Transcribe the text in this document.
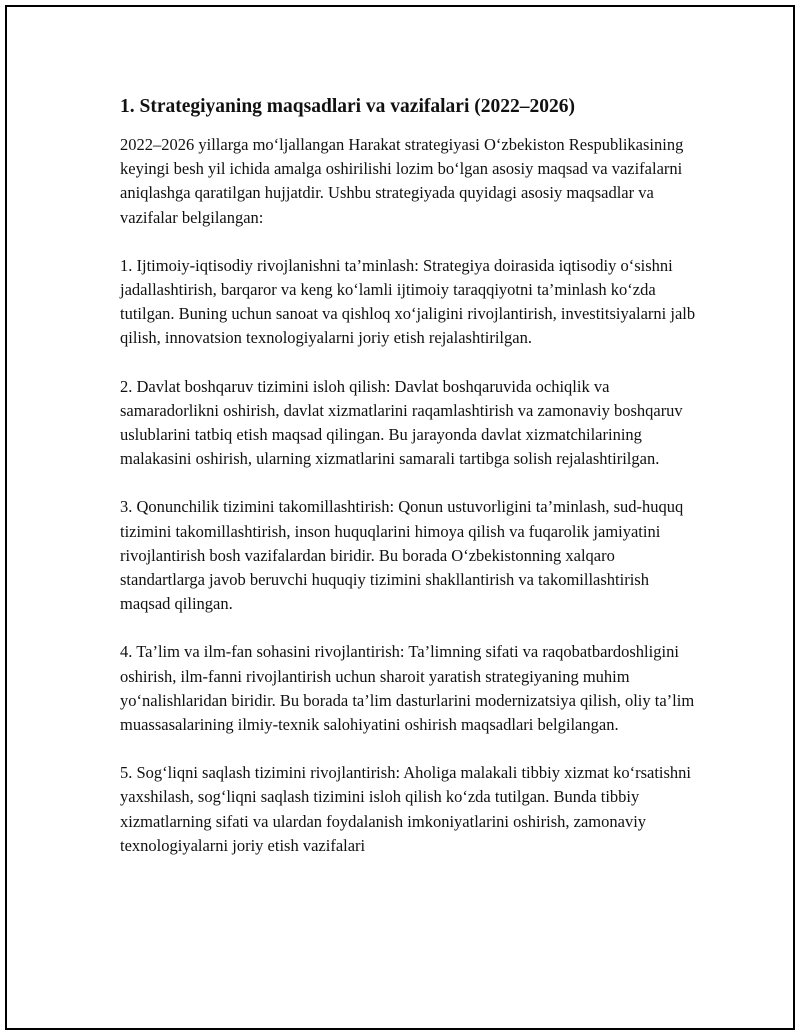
1. Strategiyaning maqsadlari va vazifalari (2022–2026)

2022–2026 yillarga mo‘ljallangan Harakat strategiyasi O‘zbekiston Respublikasining keyingi besh yil ichida amalga oshirilishi lozim bo‘lgan asosiy maqsad va vazifalarni aniqlashga qaratilgan hujjatdir. Ushbu strategiyada quyidagi asosiy maqsadlar va vazifalar belgilangan:

1. Ijtimoiy-iqtisodiy rivojlanishni ta’minlash: Strategiya doirasida iqtisodiy o‘sishni jadallashtirish, barqaror va keng ko‘lamli ijtimoiy taraqqiyotni ta’minlash ko‘zda tutilgan. Buning uchun sanoat va qishloq xo‘jaligini rivojlantirish, investitsiyalarni jalb qilish, innovatsion texnologiyalarni joriy etish rejalashtirilgan.

2. Davlat boshqaruv tizimini isloh qilish: Davlat boshqaruvida ochiqlik va samaradorlikni oshirish, davlat xizmatlarini raqamlashtirish va zamonaviy boshqaruv uslublarini tatbiq etish maqsad qilingan. Bu jarayonda davlat xizmatchilarining malakasini oshirish, ularning xizmatlarini samarali tartibga solish rejalashtirilgan.

3. Qonunchilik tizimini takomillashtirish: Qonun ustuvorligini ta’minlash, sud-huquq tizimini takomillashtirish, inson huquqlarini himoya qilish va fuqarolik jamiyatini rivojlantirish bosh vazifalardan biridir. Bu borada O‘zbekistonning xalqaro standartlarga javob beruvchi huquqiy tizimini shakllantirish va takomillashtirish maqsad qilingan.

4. Ta’lim va ilm-fan sohasini rivojlantirish: Ta’limning sifati va raqobatbardoshligini oshirish, ilm-fanni rivojlantirish uchun sharoit yaratish strategiyaning muhim yo‘nalishlaridan biridir. Bu borada ta’lim dasturlarini modernizatsiya qilish, oliy ta’lim muassasalarining ilmiy-texnik salohiyatini oshirish maqsadlari belgilangan.

5. Sog‘liqni saqlash tizimini rivojlantirish: Aholiga malakali tibbiy xizmat ko‘rsatishni yaxshilash, sog‘liqni saqlash tizimini isloh qilish ko‘zda tutilgan. Bunda tibbiy xizmatlarning sifati va ulardan foydalanish imkoniyatlarini oshirish, zamonaviy texnologiyalarni joriy etish vazifalari
